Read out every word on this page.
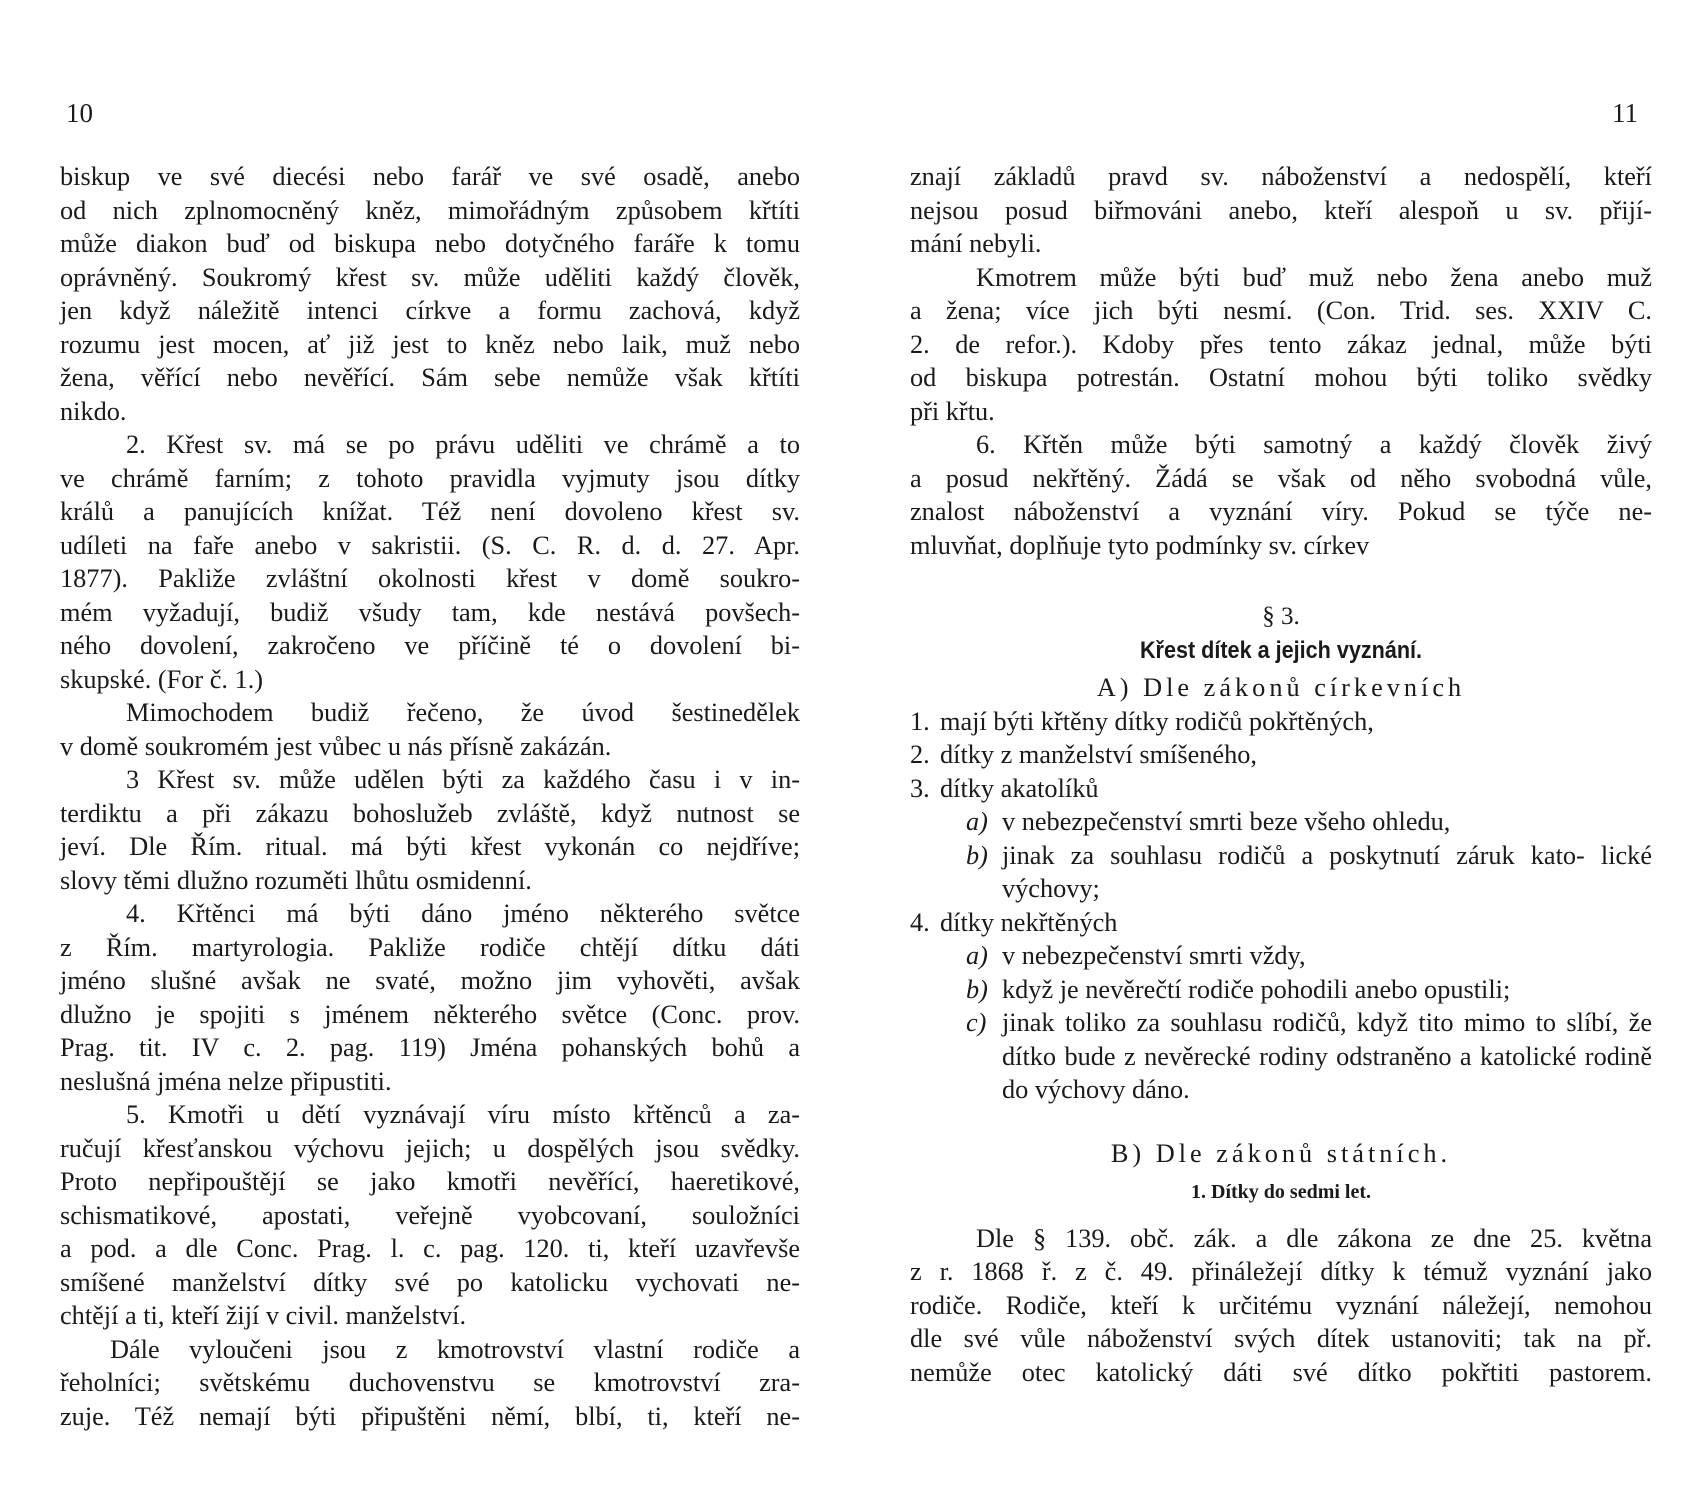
10	11

biskup ve své diecési nebo farář ve své osadě, anebo

od nich zplnomocněný kněz, mimořádným způsobem křtíti

může diakon buď od biskupa nebo dotyčného faráře k tomu

oprávněný. Soukromý křest sv. může uděliti každý člověk,

jen když náležitě intenci církve a formu zachová, když

rozumu jest mocen, ať již jest to kněz nebo laik, muž nebo

žena, věřící nebo nevěřící. Sám sebe nemůže však křtíti

nikdo.

2. Křest sv. má se po právu uděliti ve chrámě a to

ve chrámě farním; z tohoto pravidla vyjmuty jsou dítky

králů a panujících knížat. Též není dovoleno křest sv.

udíleti na faře anebo v sakristii. (S. C. R. d. d. 27. Apr.

1877). Pakliže zvláštní okolnosti křest v domě soukro-

mém vyžadují, budiž všudy tam, kde nestává povšech-

ného dovolení, zakročeno ve příčině té o dovolení bi-

skupské. (For č. 1.)

Mimochodem budiž řečeno, že úvod šestinedělek

v domě soukromém jest vůbec u nás přísně zakázán.

3 Křest sv. může udělen býti za každého času i v in-

terdiktu a při zákazu bohoslužeb zvláště, když nutnost se

jeví. Dle Řím. ritual. má býti křest vykonán co nejdříve;

slovy těmi dlužno rozuměti lhůtu osmidenní.

4. Křtěnci má býti dáno jméno některého světce

z Řím. martyrologia. Pakliže rodiče chtějí dítku dáti

jméno slušné avšak ne svaté, možno jim vyhověti, avšak

dlužno je spojiti s jménem některého světce (Conc. prov.

Prag. tit. IV c. 2. pag. 119) Jména pohanských bohů a

neslušná jména nelze připustiti.

5. Kmotři u dětí vyznávají víru místo křtěnců a za-

ručují křesťanskou výchovu jejich; u dospělých jsou svědky.

Proto nepřipouštějí se jako kmotři nevěřící, haeretikové,

schismatikové, apostati, veřejně vyobcovaní, souložníci

a pod. a dle Conc. Prag. l. c. pag. 120. ti, kteří uzavřevše

smíšené manželství dítky své po katolicku vychovati ne-

chtějí a ti, kteří žijí v civil. manželství.

Dále vyloučeni jsou z kmotrovství vlastní rodiče a

řeholníci; světskému duchovenstvu se kmotrovství zra-

zuje. Též nemají býti připuštěni němí, blbí, ti, kteří ne-

znají základů pravd sv. náboženství a nedospělí, kteří

nejsou posud biřmováni anebo, kteří alespoň u sv. přijí-

mání nebyli.

Kmotrem může býti buď muž nebo žena anebo muž

a žena; více jich býti nesmí. (Con. Trid. ses. XXIV C.

2. de refor.). Kdoby přes tento zákaz jednal, může býti

od biskupa potrestán. Ostatní mohou býti toliko svědky

při křtu.

6. Křtěn může býti samotný a každý člověk živý

a posud nekřtěný. Žádá se však od něho svobodná vůle,

znalost náboženství a vyznání víry. Pokud se týče ne-

mluvňat, doplňuje tyto podmínky sv. církev

§ 3.

Křest dítek a jejich vyznání.

A) Dle zákonů církevních

1. mají býti křtěny dítky rodičů pokřtěných,
2. dítky z manželství smíšeného,
3. dítky akatolíků
a) v nebezpečenství smrti beze všeho ohledu,
b) jinak za souhlasu rodičů a poskytnutí záruk kato- lické výchovy;
4. dítky nekřtěných
a) v nebezpečenství smrti vždy,
b) když je nevěrečtí rodiče pohodili anebo opustili;
c) jinak toliko za souhlasu rodičů, když tito mimo to slíbí, že dítko bude z nevěrecké rodiny odstraněno a katolické rodině do výchovy dáno.

B) Dle zákonů státních.

1. Dítky do sedmi let.

Dle § 139. obč. zák. a dle zákona ze dne 25. května

z r. 1868 ř. z č. 49. přináležejí dítky k témuž vyznání jako

rodiče. Rodiče, kteří k určitému vyznání náležejí, nemohou

dle své vůle náboženství svých dítek ustanoviti; tak na př.

nemůže otec katolický dáti své dítko pokřtiti pastorem.
